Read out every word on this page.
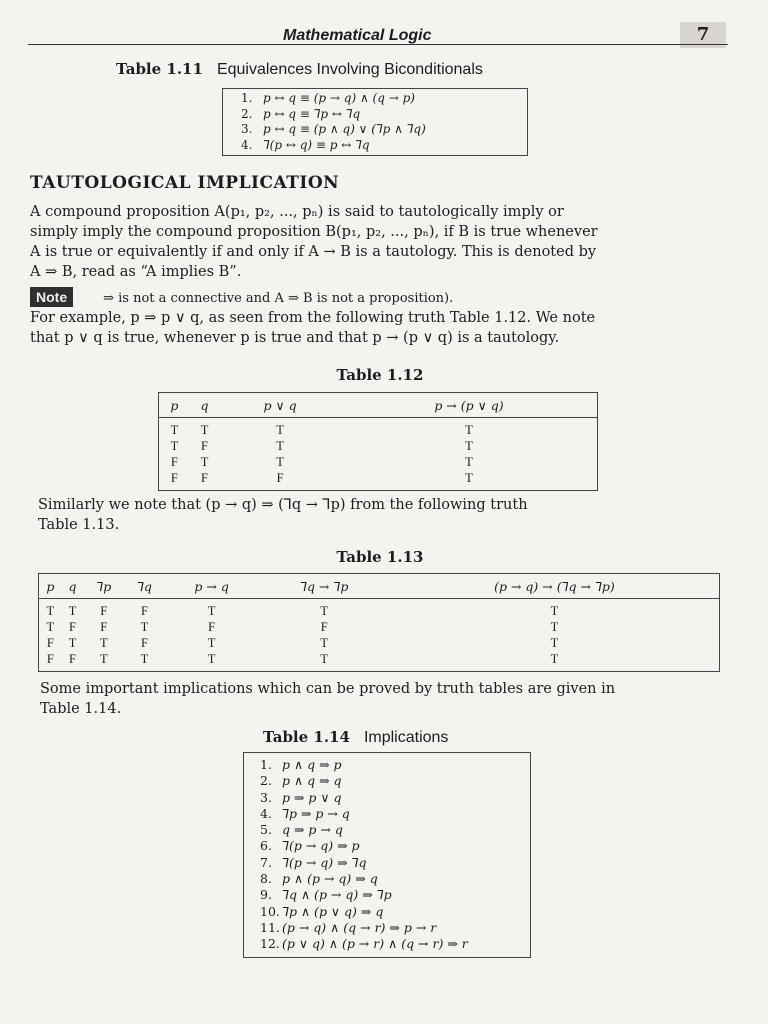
Mathematical Logic	7
Table 1.11 Equivalences Involving Biconditionals
1. p ↔ q ≡ (p → q) ∧ (q → p)
2. p ↔ q ≡ ⅂p ↔ ⅂q
3. p ↔ q ≡ (p ∧ q) ∨ (⅂p ∧ ⅂q)
4. ⅂(p ↔ q) ≡ p ↔ ⅂q
TAUTOLOGICAL IMPLICATION
A compound proposition A(p₁, p₂, ..., pₙ) is said to tautologically imply or
simply imply the compound proposition B(p₁, p₂, ..., pₙ), if B is true whenever
A is true or equivalently if and only if A → B is a tautology. This is denoted by
A ⇒ B, read as “A implies B”.
Note	⇒ is not a connective and A ⇒ B is not a proposition).
For example, p ⇒ p ∨ q, as seen from the following truth Table 1.12. We note
that p ∨ q is true, whenever p is true and that p → (p ∨ q) is a tautology.
Table 1.12
p	q	p ∨ q	p → (p ∨ q)
T	T	T	T
T	F	T	T
F	T	T	T
F	F	F	T
Similarly we note that (p → q) ⇒ (⅂q → ⅂p) from the following truth
Table 1.13.
Table 1.13
p	q	⅂p	⅂q	p → q	⅂q → ⅂p	(p → q) → (⅂q → ⅂p)
T	T	F	F	T	T	T
T	F	F	T	F	F	T
F	T	T	F	T	T	T
F	F	T	T	T	T	T
Some important implications which can be proved by truth tables are given in
Table 1.14.
Table 1.14 Implications
1. p ∧ q ⇒ p
2. p ∧ q ⇒ q
3. p ⇒ p ∨ q
4. ⅂p ⇒ p → q
5. q ⇒ p → q
6. ⅂(p → q) ⇒ p
7. ⅂(p → q) ⇒ ⅂q
8. p ∧ (p → q) ⇒ q
9. ⅂q ∧ (p → q) ⇒ ⅂p
10. ⅂p ∧ (p ∨ q) ⇒ q
11. (p → q) ∧ (q → r) ⇒ p → r
12. (p ∨ q) ∧ (p → r) ∧ (q → r) ⇒ r
